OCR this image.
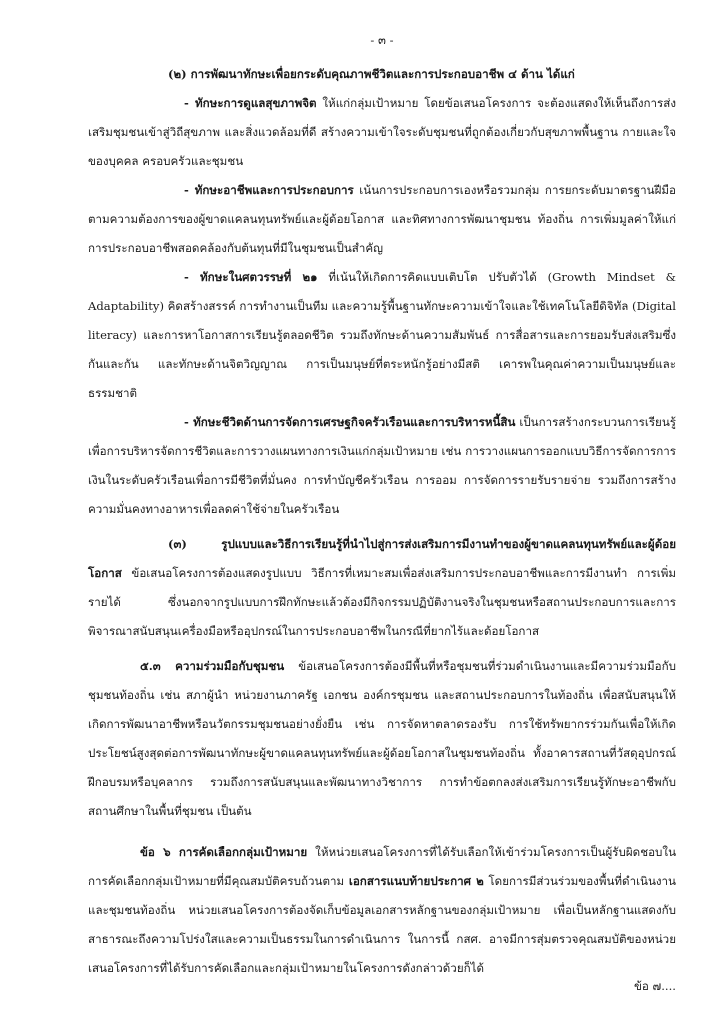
- ๓ -

(๒) การพัฒนาทักษะเพื่อยกระดับคุณภาพชีวิตและการประกอบอาชีพ ๔ ด้าน ได้แก่

- ทักษะการดูแลสุขภาพจิต ให้แก่กลุ่มเป้าหมาย โดยข้อเสนอโครงการ จะต้องแสดงให้เห็นถึงการส่งเสริมชุมชนเข้าสู่วิถีสุขภาพ และสิ่งแวดล้อมที่ดี สร้างความเข้าใจระดับชุมชนที่ถูกต้องเกี่ยวกับสุขภาพพื้นฐาน กายและใจ ของบุคคล ครอบครัวและชุมชน

- ทักษะอาชีพและการประกอบการ เน้นการประกอบการเองหรือรวมกลุ่ม การยกระดับมาตรฐานฝีมือ ตามความต้องการของผู้ขาดแคลนทุนทรัพย์และผู้ด้อยโอกาส และทิศทางการพัฒนาชุมชน ท้องถิ่น การเพิ่มมูลค่าให้แก่การประกอบอาชีพสอดคล้องกับต้นทุนที่มีในชุมชนเป็นสำคัญ

- ทักษะในศตวรรษที่ ๒๑ ที่เน้นให้เกิดการคิดแบบเติบโต ปรับตัวได้ (Growth Mindset & Adaptability) คิดสร้างสรรค์ การทำงานเป็นทีม และความรู้พื้นฐานทักษะความเข้าใจและใช้เทคโนโลยีดิจิทัล (Digital literacy) และการหาโอกาสการเรียนรู้ตลอดชีวิต รวมถึงทักษะด้านความสัมพันธ์ การสื่อสารและการยอมรับส่งเสริมซึ่งกันและกัน และทักษะด้านจิตวิญญาณ การเป็นมนุษย์ที่ตระหนักรู้อย่างมีสติ เคารพในคุณค่าความเป็นมนุษย์และธรรมชาติ

- ทักษะชีวิตด้านการจัดการเศรษฐกิจครัวเรือนและการบริหารหนี้สิน เป็นการสร้างกระบวนการเรียนรู้เพื่อการบริหารจัดการชีวิตและการวางแผนทางการเงินแก่กลุ่มเป้าหมาย เช่น การวางแผนการออกแบบวิธีการจัดการการเงินในระดับครัวเรือนเพื่อการมีชีวิตที่มั่นคง การทำบัญชีครัวเรือน การออม การจัดการรายรับรายจ่าย รวมถึงการสร้างความมั่นคงทางอาหารเพื่อลดค่าใช้จ่ายในครัวเรือน

(๓) รูปแบบและวิธีการเรียนรู้ที่นำไปสู่การส่งเสริมการมีงานทำของผู้ขาดแคลนทุนทรัพย์และผู้ด้อยโอกาส ข้อเสนอโครงการต้องแสดงรูปแบบ วิธีการที่เหมาะสมเพื่อส่งเสริมการประกอบอาชีพและการมีงานทำ การเพิ่มรายได้ ซึ่งนอกจากรูปแบบการฝึกทักษะแล้วต้องมีกิจกรรมปฏิบัติงานจริงในชุมชนหรือสถานประกอบการและการพิจารณาสนับสนุนเครื่องมือหรืออุปกรณ์ในการประกอบอาชีพในกรณีที่ยากไร้และด้อยโอกาส

๕.๓ ความร่วมมือกับชุมชน ข้อเสนอโครงการต้องมีพื้นที่หรือชุมชนที่ร่วมดำเนินงานและมีความร่วมมือกับชุมชนท้องถิ่น เช่น สภาผู้นำ หน่วยงานภาครัฐ เอกชน องค์กรชุมชน และสถานประกอบการในท้องถิ่น เพื่อสนับสนุนให้เกิดการพัฒนาอาชีพหรือนวัตกรรมชุมชนอย่างยั่งยืน เช่น การจัดหาตลาดรองรับ การใช้ทรัพยากรร่วมกันเพื่อให้เกิดประโยชน์สูงสุดต่อการพัฒนาทักษะผู้ขาดแคลนทุนทรัพย์และผู้ด้อยโอกาสในชุมชนท้องถิ่น ทั้งอาคารสถานที่วัสดุอุปกรณ์ฝึกอบรมหรือบุคลากร รวมถึงการสนับสนุนและพัฒนาทางวิชาการ การทำข้อตกลงส่งเสริมการเรียนรู้ทักษะอาชีพกับสถานศึกษาในพื้นที่ชุมชน เป็นต้น

ข้อ ๖ การคัดเลือกกลุ่มเป้าหมาย ให้หน่วยเสนอโครงการที่ได้รับเลือกให้เข้าร่วมโครงการเป็นผู้รับผิดชอบในการคัดเลือกกลุ่มเป้าหมายที่มีคุณสมบัติครบถ้วนตาม เอกสารแนบท้ายประกาศ ๒ โดยการมีส่วนร่วมของพื้นที่ดำเนินงานและชุมชนท้องถิ่น หน่วยเสนอโครงการต้องจัดเก็บข้อมูลเอกสารหลักฐานของกลุ่มเป้าหมาย เพื่อเป็นหลักฐานแสดงกับสาธารณะถึงความโปร่งใสและความเป็นธรรมในการดำเนินการ ในการนี้ กสศ. อาจมีการสุ่มตรวจคุณสมบัติของหน่วยเสนอโครงการที่ได้รับการคัดเลือกและกลุ่มเป้าหมายในโครงการดังกล่าวด้วยก็ได้

ข้อ ๗....
